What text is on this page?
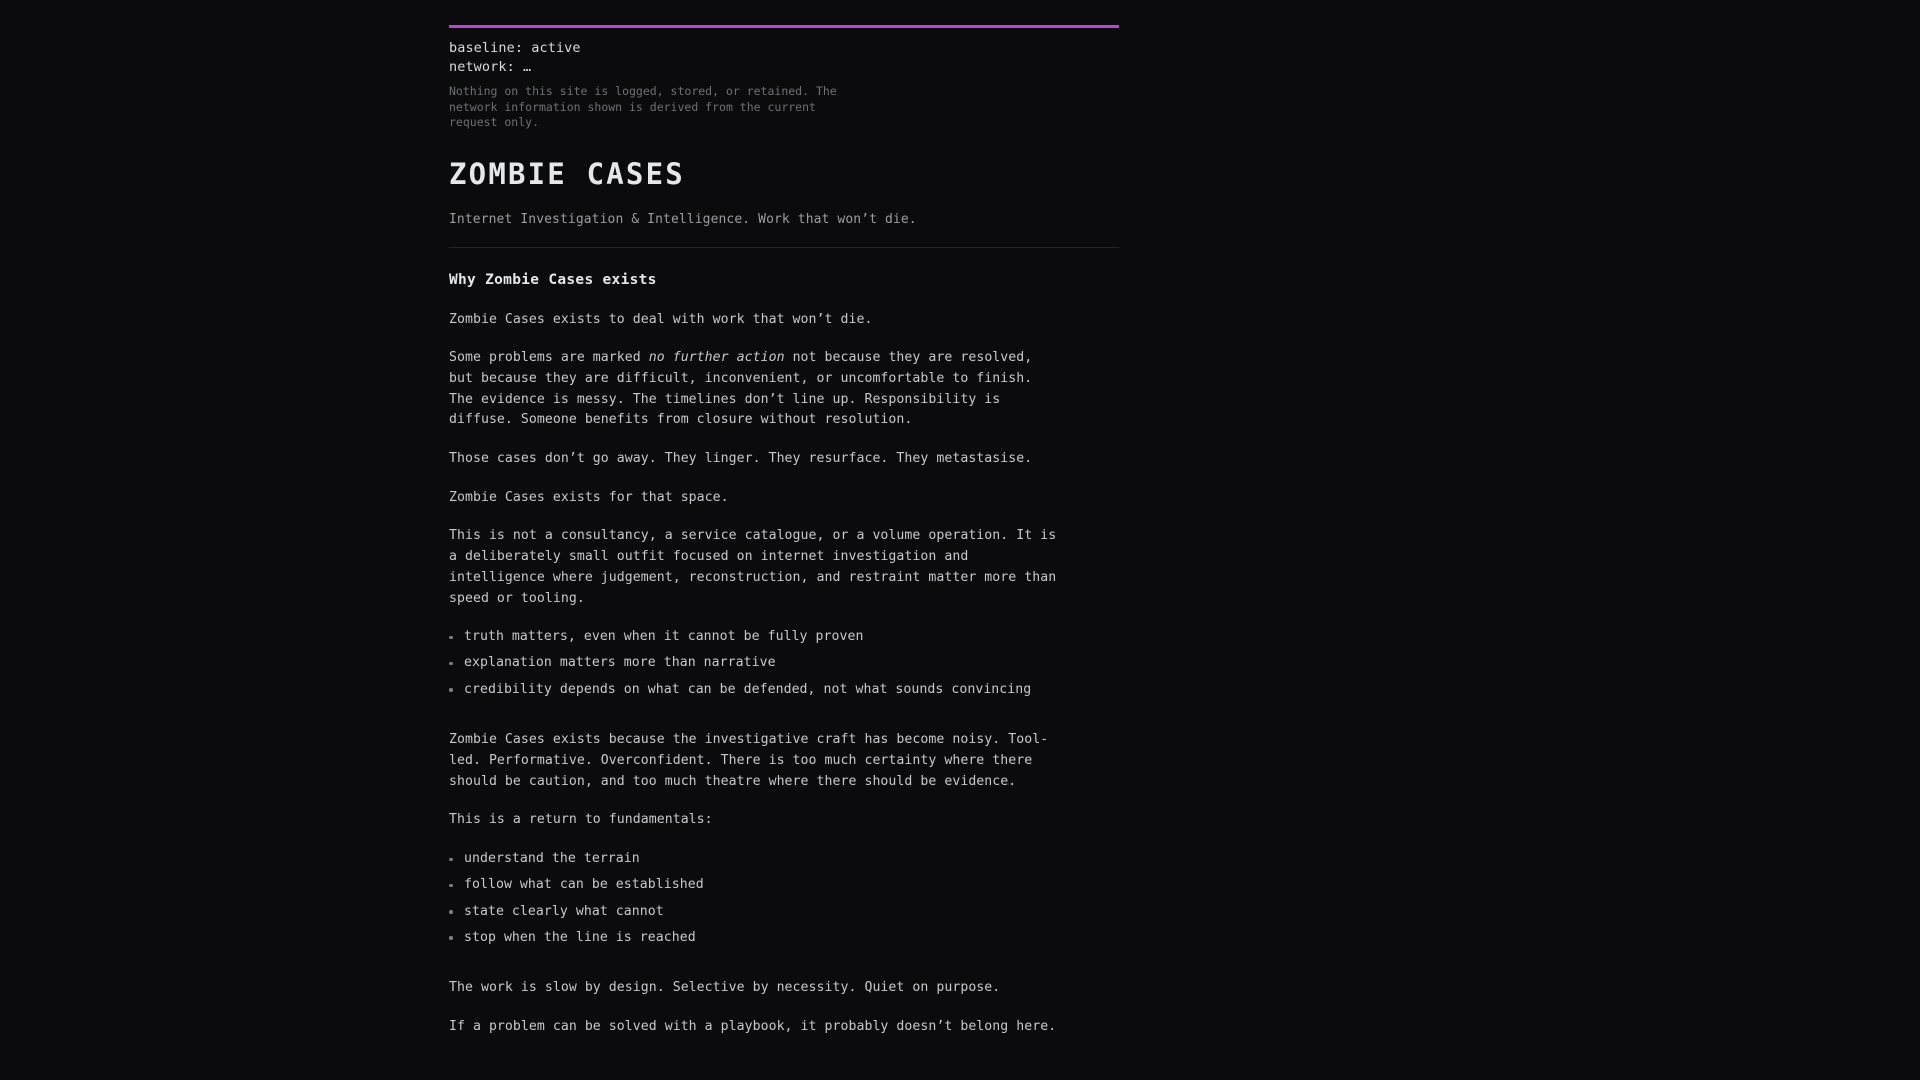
baseline: active
network: …
Nothing on this site is logged, stored, or retained. The network information shown is derived from the current request only.
ZOMBIE CASES
Internet Investigation & Intelligence. Work that won’t die.
Why Zombie Cases exists

Zombie Cases exists to deal with work that won’t die.

Some problems are marked no further action not because they are resolved, but because they are difficult, inconvenient, or uncomfortable to finish. The evidence is messy. The timelines don’t line up. Responsibility is diffuse. Someone benefits from closure without resolution.

Those cases don’t go away. They linger. They resurface. They metastasise.

Zombie Cases exists for that space.

This is not a consultancy, a service catalogue, or a volume operation. It is a deliberately small outfit focused on internet investigation and intelligence where judgement, reconstruction, and restraint matter more than speed or tooling.

truth matters, even when it cannot be fully proven
explanation matters more than narrative
credibility depends on what can be defended, not what sounds convincing

Zombie Cases exists because the investigative craft has become noisy. Tool-led. Performative. Overconfident. There is too much certainty where there should be caution, and too much theatre where there should be evidence.

This is a return to fundamentals:

understand the terrain
follow what can be established
state clearly what cannot
stop when the line is reached

The work is slow by design. Selective by necessity. Quiet on purpose.

If a problem can be solved with a playbook, it probably doesn’t belong here.
